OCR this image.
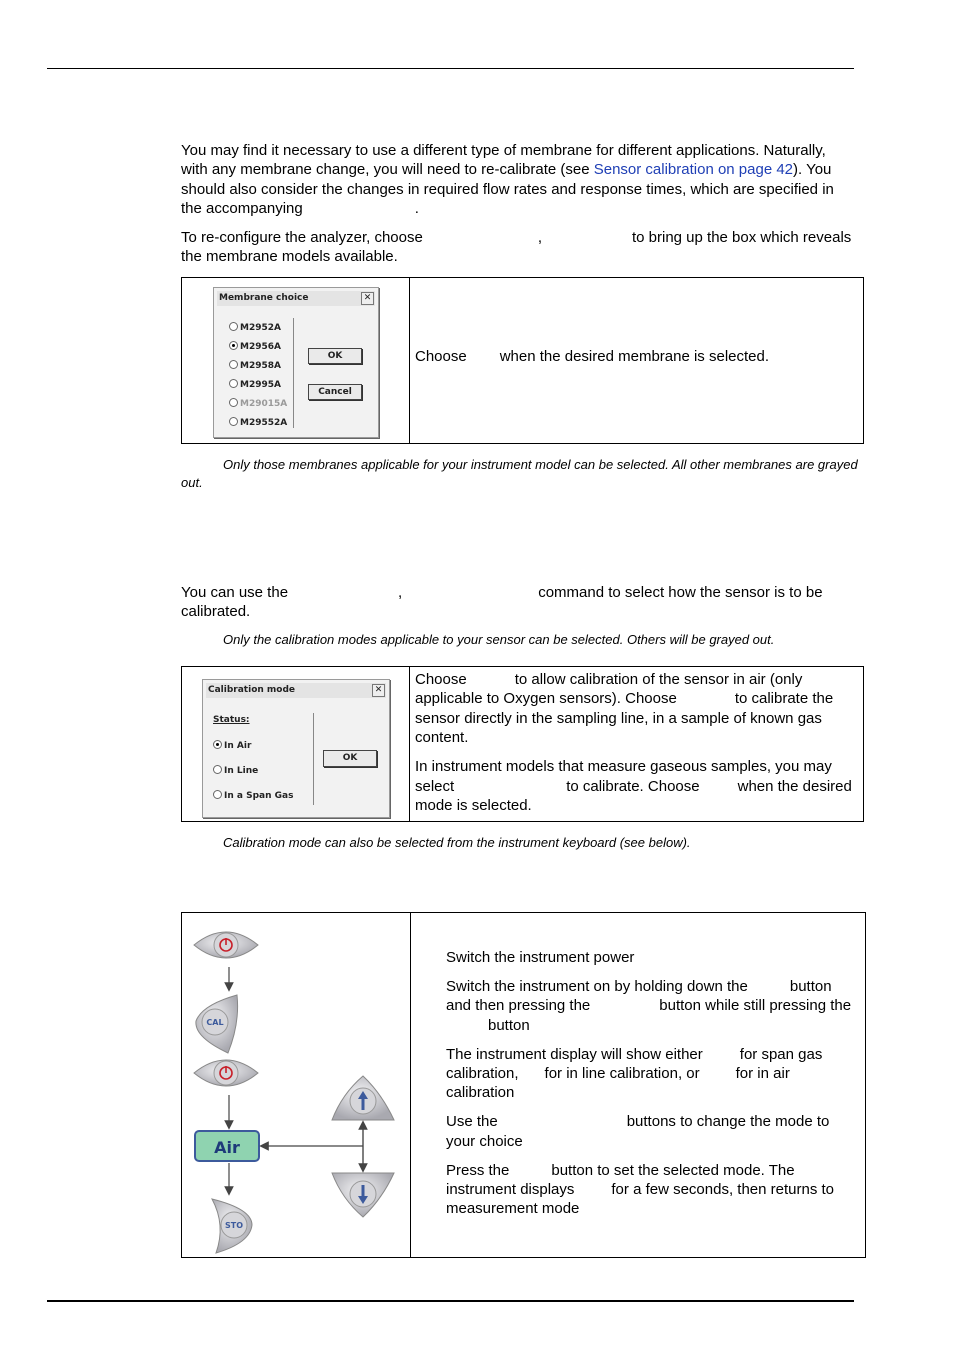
You may find it necessary to use a different type of membrane for different applications. Naturally, with any membrane change, you will need to re-calibrate (see Sensor calibration on page 42). You should also consider the changes in required flow rates and response times, which are specified in the accompanying	.

To re-configure the analyzer, choose	,	to bring up the box which reveals the membrane models available.

Membrane choice	✕
M2952A
M2956A
M2958A
M2995A
M29015A
M29552A
OK
Cancel

Choose when the desired membrane is selected.

Only those membranes applicable for your instrument model can be selected. All other membranes are grayed out.

You can use the	,	command to select how the sensor is to be calibrated.

Only the calibration modes applicable to your sensor can be selected. Others will be grayed out.

Calibration mode	✕
Status:
In Air
In Line
In a Span Gas
OK

Choose	to allow calibration of the sensor in air (only applicable to Oxygen sensors). Choose	to calibrate the sensor directly in the sampling line, in a sample of known gas content.

In instrument models that measure gaseous samples, you may select	to calibrate. Choose	when the desired mode is selected.

Calibration mode can also be selected from the instrument keyboard (see below).

CAL
Air
STO

Switch the instrument power

Switch the instrument on by holding down the	button and then pressing the	button while still pressing thebutton

The instrument display will show either for span gas calibration, for in line calibration, or for in air calibration

Use the	buttons to change the mode to your choice

Press the	button to set the selected mode. The instrument displays for a few seconds, then returns to measurement mode
